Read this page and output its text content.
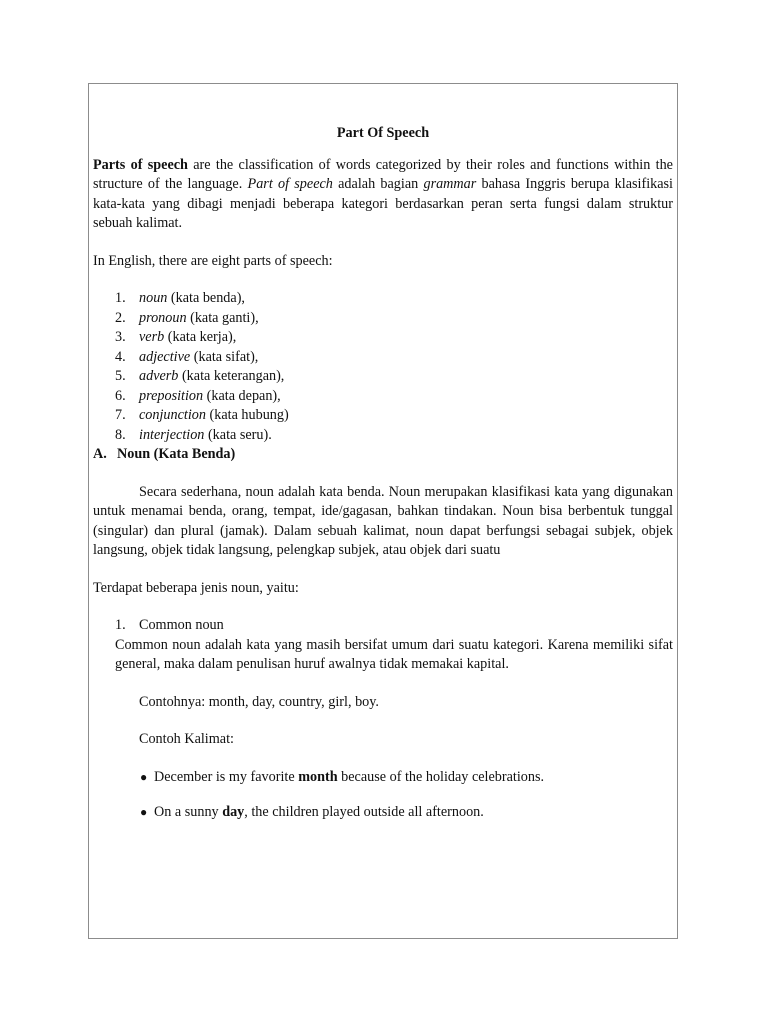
Part Of Speech

Parts of speech are the classification of words categorized by their roles and functions within the structure of the language. Part of speech adalah bagian grammar bahasa Inggris berupa klasifikasi kata-kata yang dibagi menjadi beberapa kategori berdasarkan peran serta fungsi dalam struktur sebuah kalimat.

In English, there are eight parts of speech:

1. noun (kata benda),
2. pronoun (kata ganti),
3. verb (kata kerja),
4. adjective (kata sifat),
5. adverb (kata keterangan),
6. preposition (kata depan),
7. conjunction (kata hubung)
8. interjection (kata seru).

A. Noun (Kata Benda)

Secara sederhana, noun adalah kata benda. Noun merupakan klasifikasi kata yang digunakan untuk menamai benda, orang, tempat, ide/gagasan, bahkan tindakan. Noun bisa berbentuk tunggal (singular) dan plural (jamak). Dalam sebuah kalimat, noun dapat berfungsi sebagai subjek, objek langsung, objek tidak langsung, pelengkap subjek, atau objek dari suatu

Terdapat beberapa jenis noun, yaitu:

1. Common noun

Common noun adalah kata yang masih bersifat umum dari suatu kategori. Karena memiliki sifat general, maka dalam penulisan huruf awalnya tidak memakai kapital.

Contohnya: month, day, country, girl, boy.

Contoh Kalimat:

● December is my favorite month because of the holiday celebrations.
● On a sunny day, the children played outside all afternoon.
